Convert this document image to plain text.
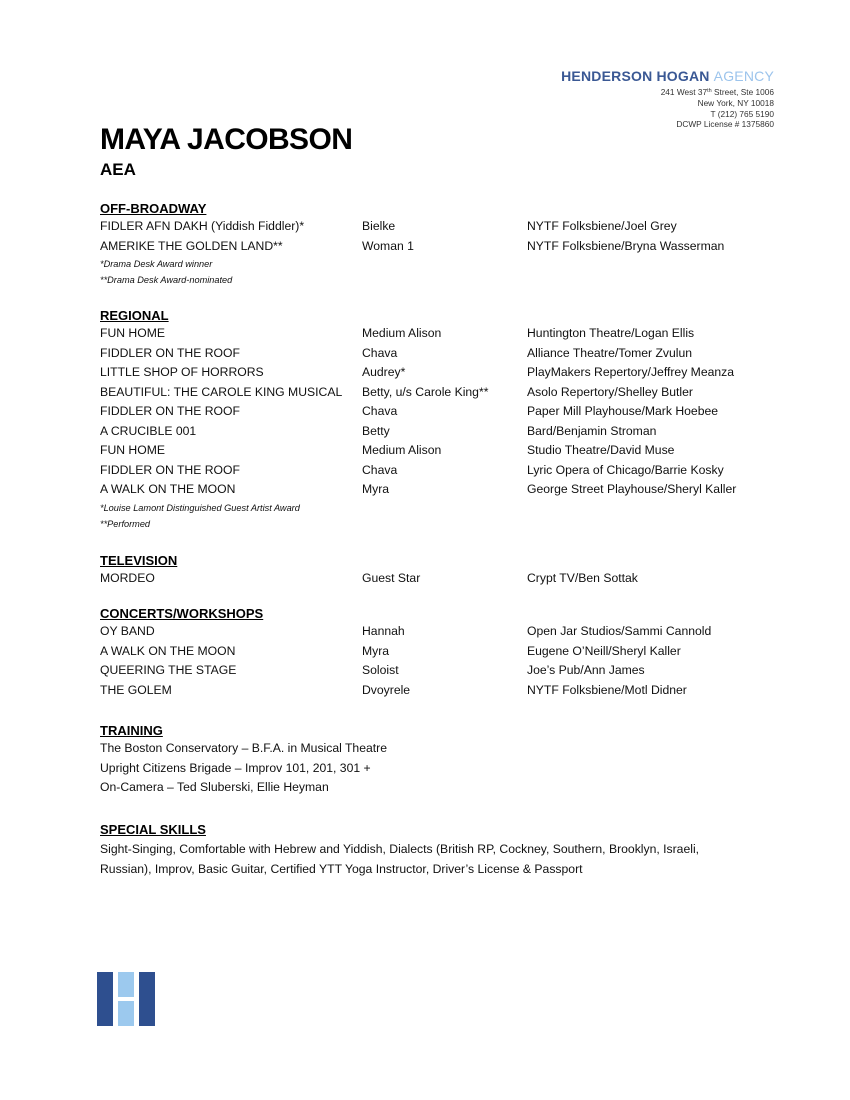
HENDERSON HOGAN AGENCY
241 West 37th Street, Ste 1006
New York, NY 10018
T (212) 765 5190
DCWP License # 1375860
MAYA JACOBSON
AEA
OFF-BROADWAY
FIDLER AFN DAKH (Yiddish Fiddler)*	Bielke	NYTF Folksbiene/Joel Grey
AMERIKE THE GOLDEN LAND**	Woman 1	NYTF Folksbiene/Bryna Wasserman
*Drama Desk Award winner
**Drama Desk Award-nominated
REGIONAL
FUN HOME	Medium Alison	Huntington Theatre/Logan Ellis
FIDDLER ON THE ROOF	Chava	Alliance Theatre/Tomer Zvulun
LITTLE SHOP OF HORRORS	Audrey*	PlayMakers Repertory/Jeffrey Meanza
BEAUTIFUL: THE CAROLE KING MUSICAL Betty, u/s Carole King**	Asolo Repertory/Shelley Butler
FIDDLER ON THE ROOF	Chava	Paper Mill Playhouse/Mark Hoebee
A CRUCIBLE 001	Betty	Bard/Benjamin Stroman
FUN HOME	Medium Alison	Studio Theatre/David Muse
FIDDLER ON THE ROOF	Chava	Lyric Opera of Chicago/Barrie Kosky
A WALK ON THE MOON	Myra	George Street Playhouse/Sheryl Kaller
*Louise Lamont Distinguished Guest Artist Award
**Performed
TELEVISION
MORDEO	Guest Star	Crypt TV/Ben Sottak
CONCERTS/WORKSHOPS
OY BAND	Hannah	Open Jar Studios/Sammi Cannold
A WALK ON THE MOON	Myra	Eugene O’Neill/Sheryl Kaller
QUEERING THE STAGE	Soloist	Joe’s Pub/Ann James
THE GOLEM	Dvoyrele	NYTF Folksbiene/Motl Didner
TRAINING
The Boston Conservatory – B.F.A. in Musical Theatre
Upright Citizens Brigade – Improv 101, 201, 301 +
On-Camera – Ted Sluberski, Ellie Heyman
SPECIAL SKILLS
Sight-Singing, Comfortable with Hebrew and Yiddish, Dialects (British RP, Cockney, Southern, Brooklyn, Israeli,
Russian), Improv, Basic Guitar, Certified YTT Yoga Instructor, Driver’s License & Passport
